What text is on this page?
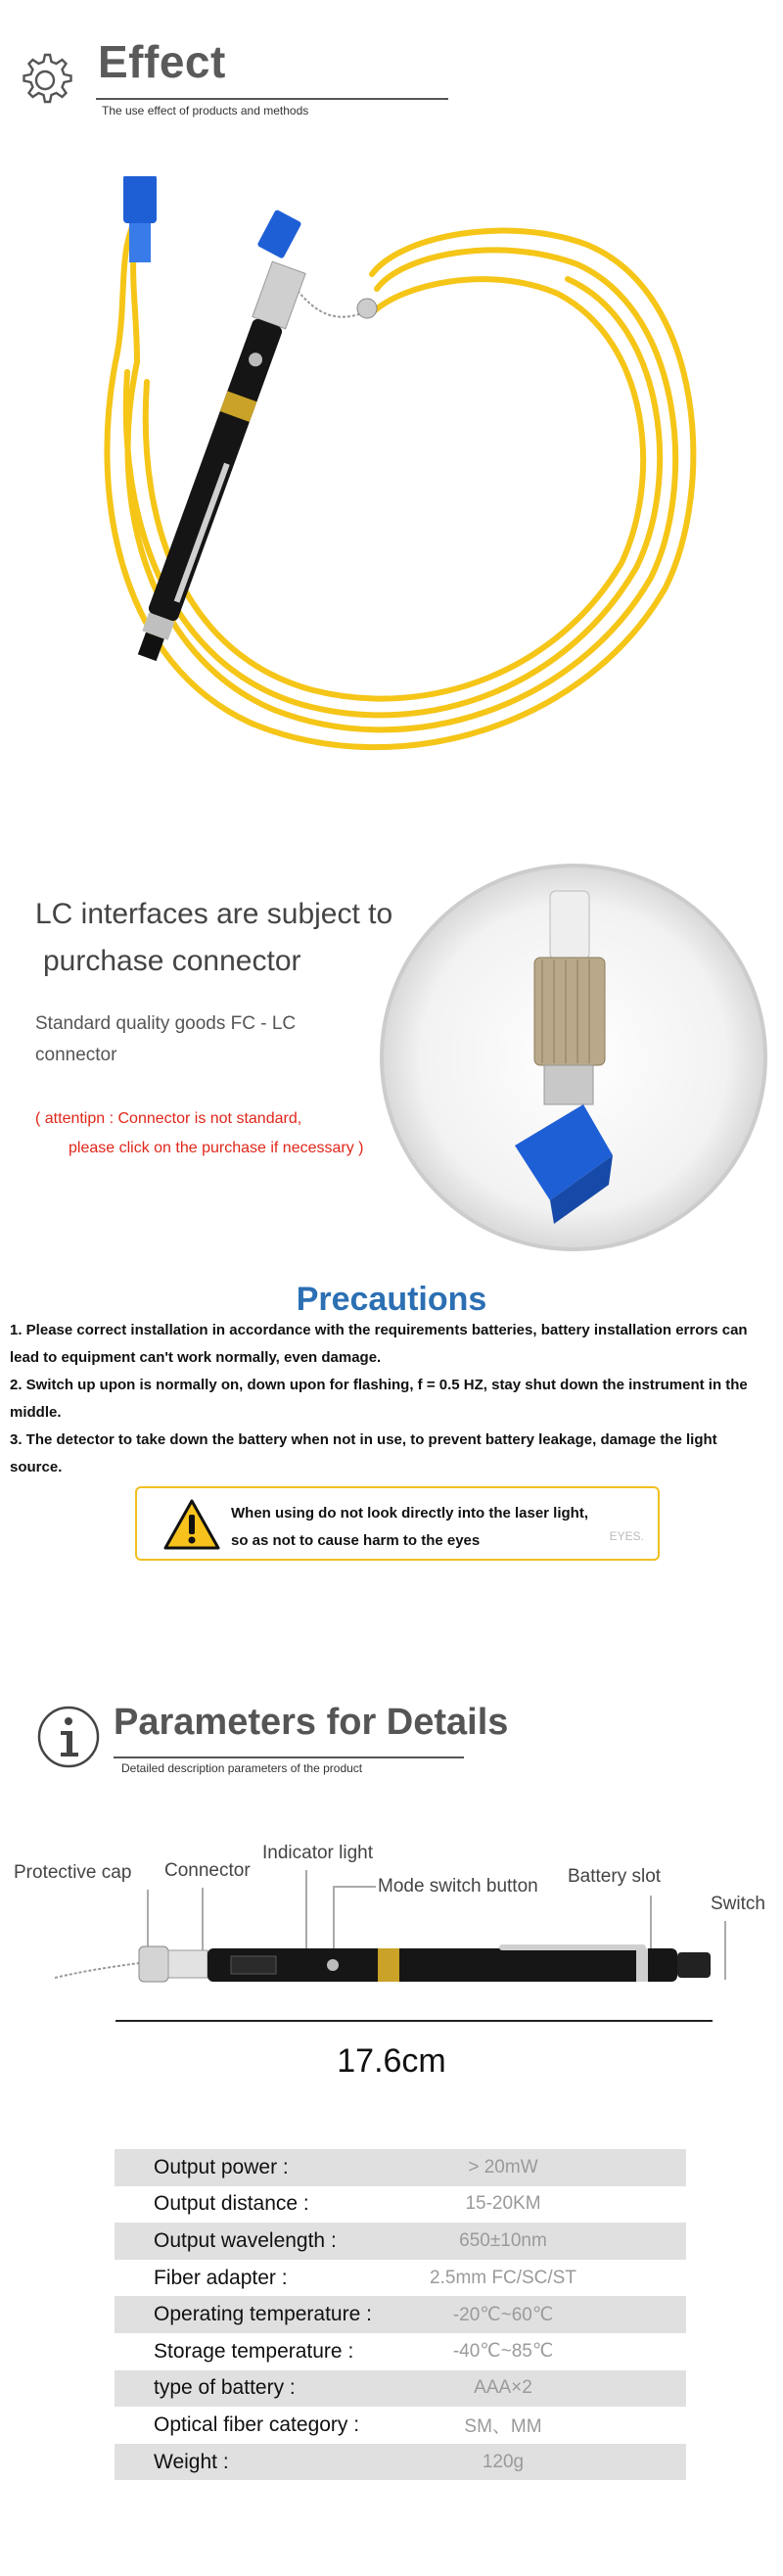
Effect
The use effect of products and methods
LC interfaces are subject to
purchase connector
Standard quality goods FC - LC connector
( attentipn : Connector is not standard,
please click on the purchase if necessary )
Precautions

1. Please correct installation in accordance with the requirements batteries, battery installation errors can lead to equipment can't work normally, even damage.

2. Switch up upon is normally on, down upon for flashing, f = 0.5 HZ, stay shut down the instrument in the middle.

3. The detector to take down the battery when not in use, to prevent battery leakage, damage the light source.

When using do not look directly into the laser light,
so as not to cause harm to the eyes	EYES.
Parameters for Details
Detailed description parameters of the product
Protective cap Connector
Indicator light
Mode switch button Battery slot
Switch
17.6cm
Output power :	> 20mW
Output distance :	15-20KM
Output wavelength :	650±10nm
Fiber adapter :	2.5mm FC/SC/ST
Operating temperature :	-20℃~60℃
Storage temperature :	-40℃~85℃
type of battery :	AAA×2
Optical fiber category :	SM、MM
Weight :	120g
